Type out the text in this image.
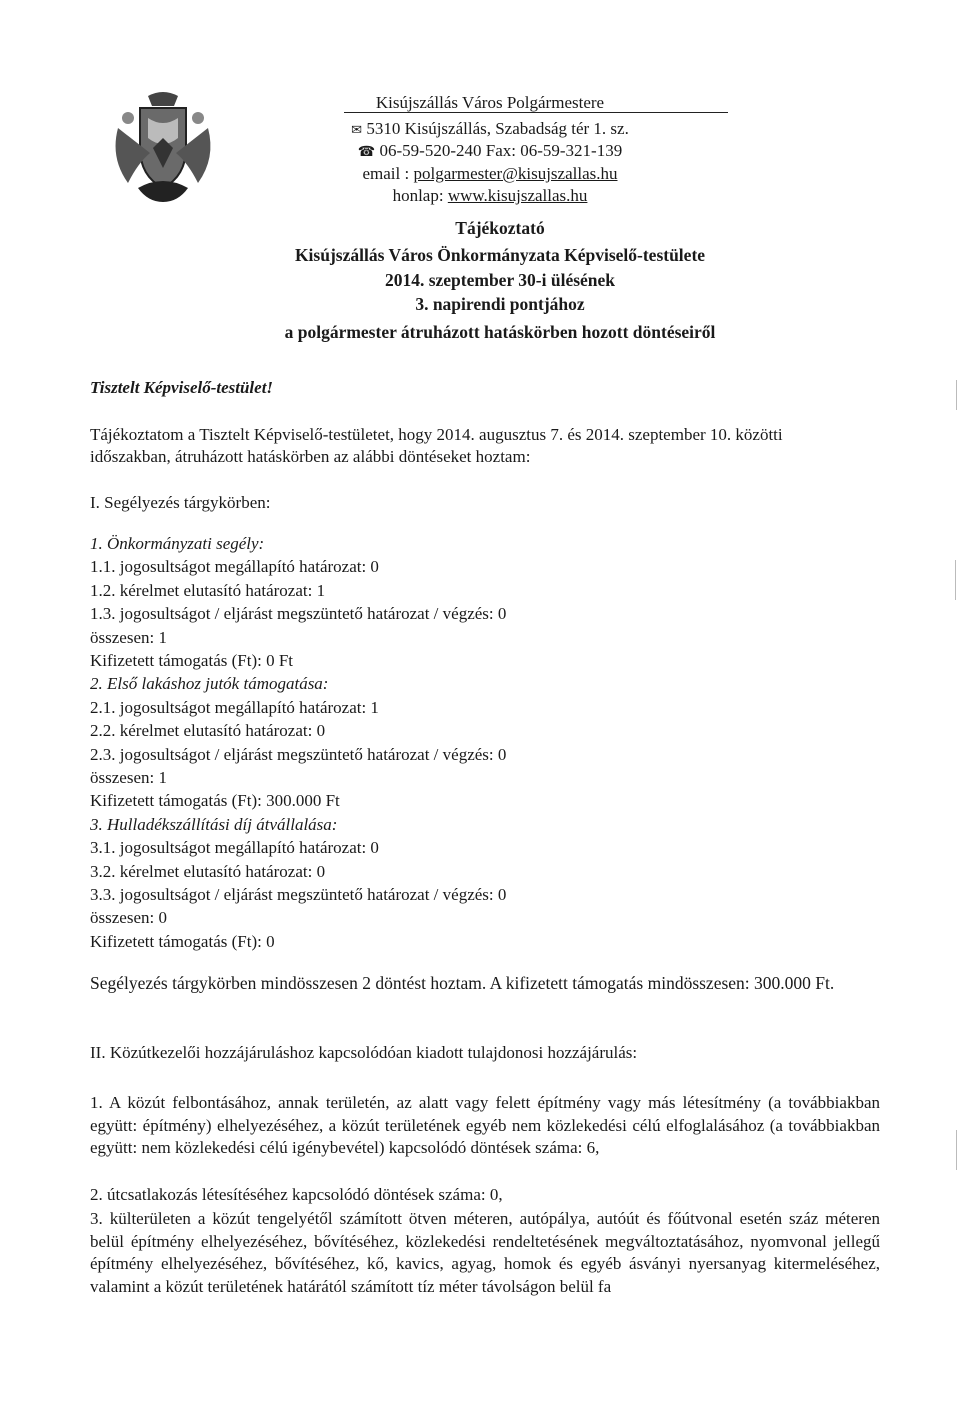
Kisújszállás Város Polgármestere
✉ 5310 Kisújszállás, Szabadság tér 1. sz.
☎ 06-59-520-240 Fax: 06-59-321-139
email : polgarmester@kisujszallas.hu
honlap: www.kisujszallas.hu
Tájékoztató
Kisújszállás Város Önkormányzata Képviselő-testülete
2014. szeptember 30-i ülésének
3. napirendi pontjához
a polgármester átruházott hatáskörben hozott döntéseiről
Tisztelt Képviselő-testület!
Tájékoztatom a Tisztelt Képviselő-testületet, hogy 2014. augusztus 7. és 2014. szeptember 10. közötti
időszakban, átruházott hatáskörben az alábbi döntéseket hoztam:
I. Segélyezés tárgykörben:
1. Önkormányzati segély:
1.1. jogosultságot megállapító határozat: 0
1.2. kérelmet elutasító határozat: 1
1.3. jogosultságot / eljárást megszüntető határozat / végzés: 0
összesen: 1
Kifizetett támogatás (Ft): 0 Ft
2. Első lakáshoz jutók támogatása:
2.1. jogosultságot megállapító határozat: 1
2.2. kérelmet elutasító határozat: 0
2.3. jogosultságot / eljárást megszüntető határozat / végzés: 0
összesen: 1
Kifizetett támogatás (Ft): 300.000 Ft
3. Hulladékszállítási díj átvállalása:
3.1. jogosultságot megállapító határozat: 0
3.2. kérelmet elutasító határozat: 0
3.3. jogosultságot / eljárást megszüntető határozat / végzés: 0
összesen: 0
Kifizetett támogatás (Ft): 0
Segélyezés tárgykörben mindösszesen 2 döntést hoztam. A kifizetett támogatás mindösszesen: 300.000 Ft.
II. Közútkezelői hozzájáruláshoz kapcsolódóan kiadott tulajdonosi hozzájárulás:
1. A közút felbontásához, annak területén, az alatt vagy felett építmény vagy más létesítmény (a továbbiakban együtt: építmény) elhelyezéséhez, a közút területének egyéb nem közlekedési célú elfoglalásához (a továbbiakban együtt: nem közlekedési célú igénybevétel) kapcsolódó döntések száma: 6,
2. útcsatlakozás létesítéséhez kapcsolódó döntések száma: 0,
3. külterületen a közút tengelyétől számított ötven méteren, autópálya, autóút és főútvonal esetén száz méteren belül építmény elhelyezéséhez, bővítéséhez, közlekedési rendeltetésének megváltoztatásához, nyomvonal jellegű építmény elhelyezéséhez, bővítéséhez, kő, kavics, agyag, homok és egyéb ásványi nyersanyag kitermeléséhez, valamint a közút területének határától számított tíz méter távolságon belül fa
